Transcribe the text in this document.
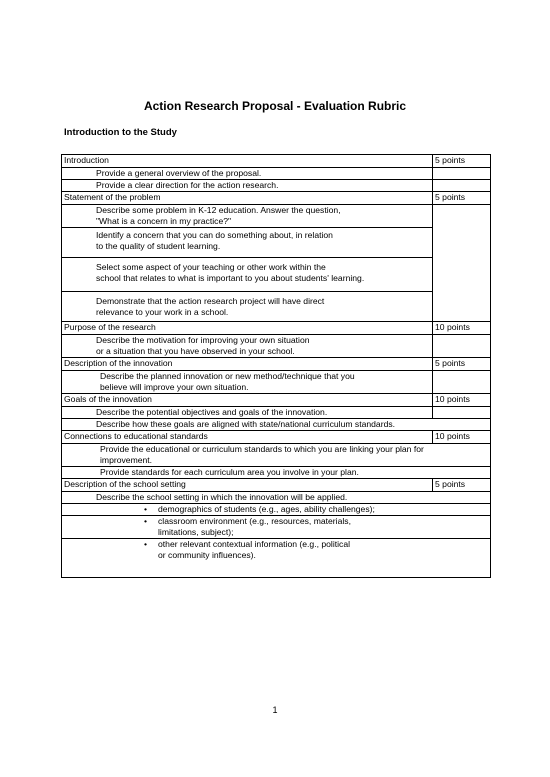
Action Research Proposal - Evaluation Rubric
Introduction to the Study
Introduction	5 points
Provide a general overview of the proposal.	
Provide a clear direction for the action research.	
Statement of the problem	5 points

Describe some problem in K-12 education. Answer the question,
"What is a concern in my practice?"	

Identify a concern that you can do something about, in relation
to the quality of student learning.	

Select some aspect of your teaching or other work within the
school that relates to what is important to you about students' learning.	

Demonstrate that the action research project will have direct
relevance to your work in a school.	

Purpose of the research	10 points

Describe the motivation for improving your own situation
or a situation that you have observed in your school.	

Description of the innovation	5 points

Describe the planned innovation or new method/technique that you
believe will improve your own situation.	

Goals of the innovation	10 points
Describe the potential objectives and goals of the innovation.	
Describe how these goals are aligned with state/national curriculum standards.	
Connections to educational standards	10 points

Provide the educational or curriculum standards to which you are linking your plan for
improvement.	

Provide standards for each curriculum area you involve in your plan.	
Description of the school setting	5 points
Describe the school setting in which the innovation will be applied.	

• demographics of students (e.g., ages, ability challenges);

• classroom environment (e.g., resources, materials,
limitations, subject);

• other relevant contextual information (e.g., political
or community influences).
1
